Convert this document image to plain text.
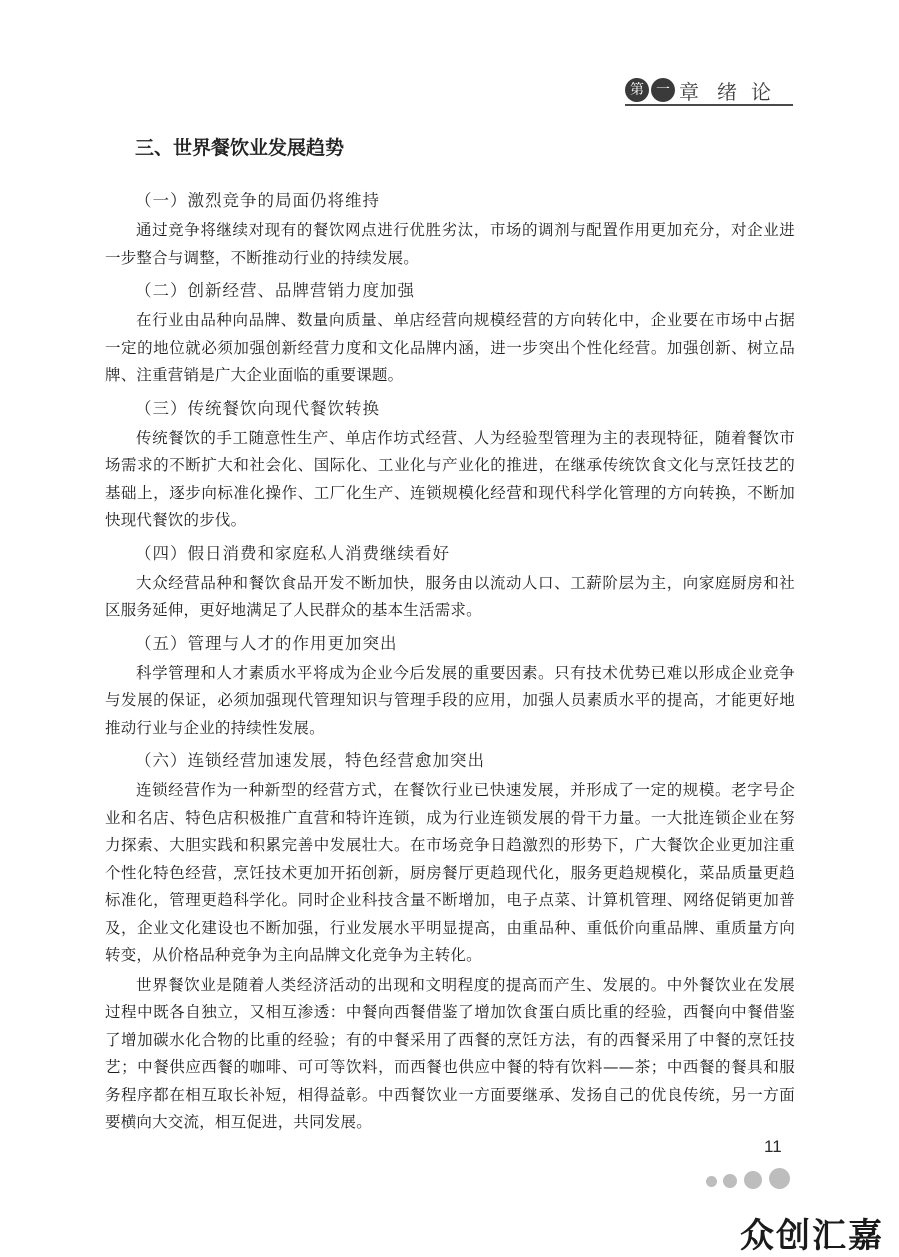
第 一 章 绪论
三、世界餐饮业发展趋势
（一）激烈竞争的局面仍将维持

通过竞争将继续对现有的餐饮网点进行优胜劣汰，市场的调剂与配置作用更加充分，对企业进一步整合与调整，不断推动行业的持续发展。

（二）创新经营、品牌营销力度加强

在行业由品种向品牌、数量向质量、单店经营向规模经营的方向转化中，企业要在市场中占据一定的地位就必须加强创新经营力度和文化品牌内涵，进一步突出个性化经营。加强创新、树立品牌、注重营销是广大企业面临的重要课题。

（三）传统餐饮向现代餐饮转换

传统餐饮的手工随意性生产、单店作坊式经营、人为经验型管理为主的表现特征，随着餐饮市场需求的不断扩大和社会化、国际化、工业化与产业化的推进，在继承传统饮食文化与烹饪技艺的基础上，逐步向标准化操作、工厂化生产、连锁规模化经营和现代科学化管理的方向转换，不断加快现代餐饮的步伐。

（四）假日消费和家庭私人消费继续看好

大众经营品种和餐饮食品开发不断加快，服务由以流动人口、工薪阶层为主，向家庭厨房和社区服务延伸，更好地满足了人民群众的基本生活需求。

（五）管理与人才的作用更加突出

科学管理和人才素质水平将成为企业今后发展的重要因素。只有技术优势已难以形成企业竞争与发展的保证，必须加强现代管理知识与管理手段的应用，加强人员素质水平的提高，才能更好地推动行业与企业的持续性发展。

（六）连锁经营加速发展，特色经营愈加突出

连锁经营作为一种新型的经营方式，在餐饮行业已快速发展，并形成了一定的规模。老字号企业和名店、特色店积极推广直营和特许连锁，成为行业连锁发展的骨干力量。一大批连锁企业在努力探索、大胆实践和积累完善中发展壮大。在市场竞争日趋激烈的形势下，广大餐饮企业更加注重个性化特色经营，烹饪技术更加开拓创新，厨房餐厅更趋现代化，服务更趋规模化，菜品质量更趋标准化，管理更趋科学化。同时企业科技含量不断增加，电子点菜、计算机管理、网络促销更加普及，企业文化建设也不断加强，行业发展水平明显提高，由重品种、重低价向重品牌、重质量方向转变，从价格品种竞争为主向品牌文化竞争为主转化。

世界餐饮业是随着人类经济活动的出现和文明程度的提高而产生、发展的。中外餐饮业在发展过程中既各自独立，又相互渗透：中餐向西餐借鉴了增加饮食蛋白质比重的经验，西餐向中餐借鉴了增加碳水化合物的比重的经验；有的中餐采用了西餐的烹饪方法，有的西餐采用了中餐的烹饪技艺；中餐供应西餐的咖啡、可可等饮料，而西餐也供应中餐的特有饮料——茶；中西餐的餐具和服务程序都在相互取长补短，相得益彰。中西餐饮业一方面要继承、发扬自己的优良传统，另一方面要横向大交流，相互促进，共同发展。

11
众创汇嘉
